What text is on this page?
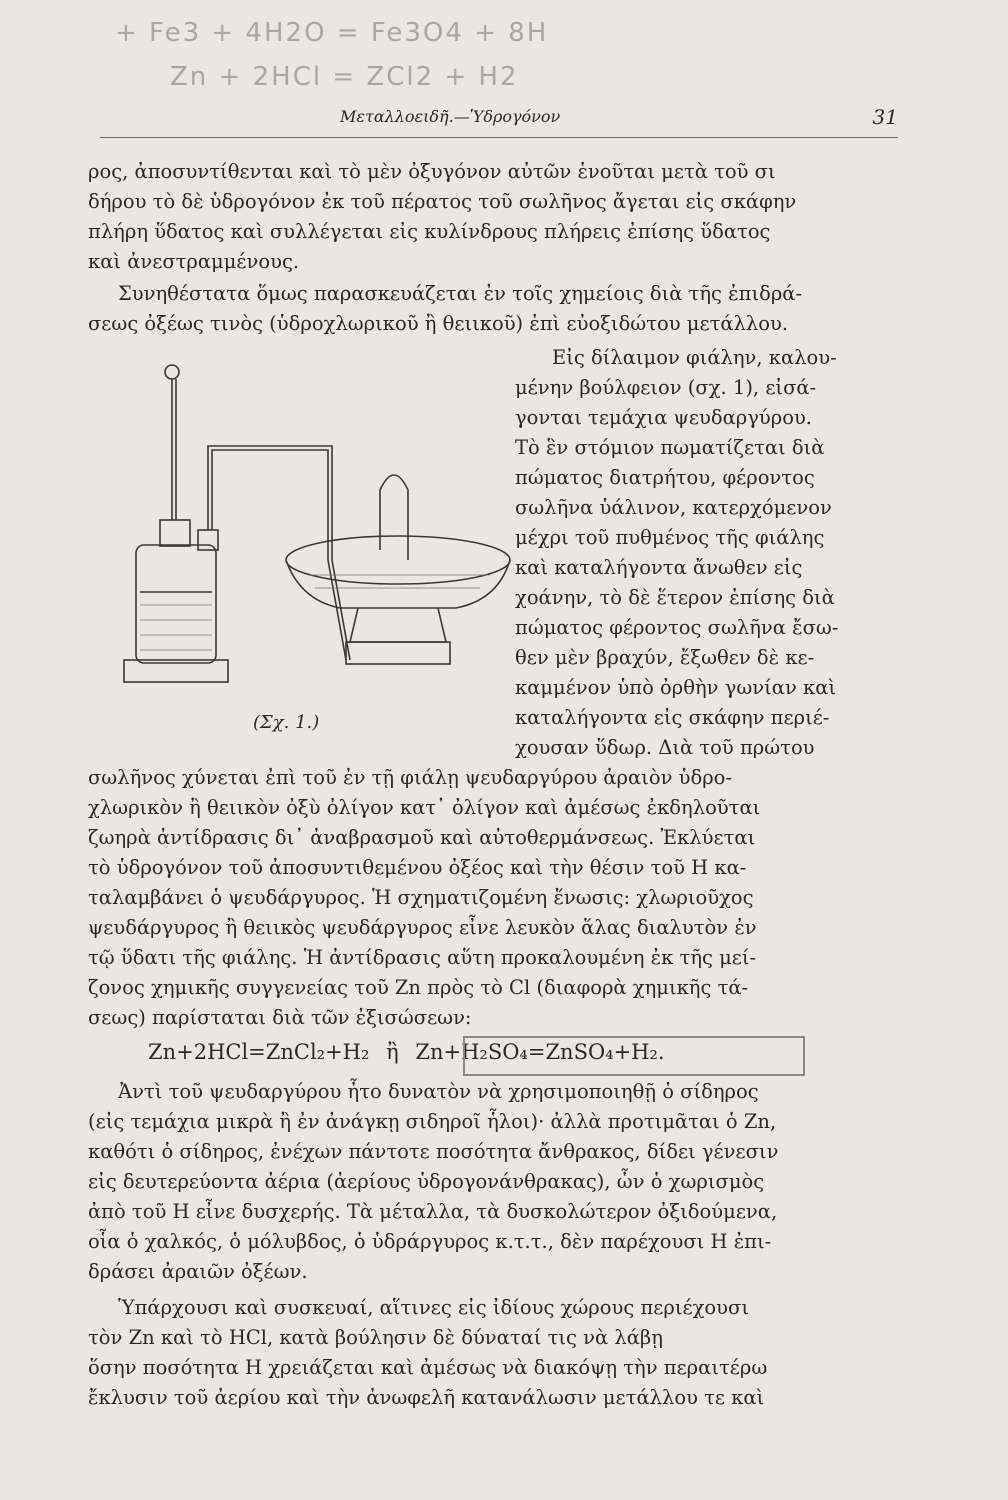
+ Fe3 + 4H2O = Fe3O4 + 8H
Zn + 2HCl = ZCl2 + H2
Μεταλλοειδῆ.—Ὑδρογόνον	31
ρος, ἀποσυντίθενται καὶ τὸ μὲν ὀξυγόνον αὐτῶν ἑνοῦται μετὰ τοῦ σι
δήρου τὸ δὲ ὑδρογόνον ἐκ τοῦ πέρατος τοῦ σωλῆνος ἄγεται εἰς σκάφην
πλήρη ὕδατος καὶ συλλέγεται εἰς κυλίνδρους πλήρεις ἐπίσης ὕδατος
καὶ ἀνεστραμμένους.
Συνηθέστατα ὅμως παρασκευάζεται ἐν τοῖς χημείοις διὰ τῆς ἐπιδρά-
σεως ὀξέως τινὸς (ὑδροχλωρικοῦ ἢ θειικοῦ) ἐπὶ εὐοξιδώτου μετάλλου.
Εἰς δίλαιμον φιάλην, καλου-
μένην βούλφειον (σχ. 1), εἰσά-
γονται τεμάχια ψευδαργύρου.
Τὸ ἓν στόμιον πωματίζεται διὰ
πώματος διατρήτου, φέροντος
σωλῆνα ὑάλινον, κατερχόμενον
μέχρι τοῦ πυθμένος τῆς φιάλης
καὶ καταλήγοντα ἄνωθεν εἰς
χοάνην, τὸ δὲ ἕτερον ἐπίσης διὰ
πώματος φέροντος σωλῆνα ἔσω-
θεν μὲν βραχύν, ἔξωθεν δὲ κε-
καμμένον ὑπὸ ὀρθὴν γωνίαν καὶ
καταλήγοντα εἰς σκάφην περιέ-
χουσαν ὕδωρ. Διὰ τοῦ πρώτου
(Σχ. 1.)
σωλῆνος χύνεται ἐπὶ τοῦ ἐν τῇ φιάλῃ ψευδαργύρου ἀραιὸν ὑδρο-
χλωρικὸν ἢ θειικὸν ὀξὺ ὀλίγον κατ᾽ ὀλίγον καὶ ἀμέσως ἐκδηλοῦται
ζωηρὰ ἀντίδρασις δι᾽ ἀναβρασμοῦ καὶ αὐτοθερμάνσεως. Ἐκλύεται
τὸ ὑδρογόνον τοῦ ἀποσυντιθεμένου ὀξέος καὶ τὴν θέσιν τοῦ Η κα-
ταλαμβάνει ὁ ψευδάργυρος. Ἡ σχηματιζομένη ἕνωσις: χλωριοῦχος
ψευδάργυρος ἢ θειικὸς ψευδάργυρος εἶνε λευκὸν ἅλας διαλυτὸν ἐν
τῷ ὕδατι τῆς φιάλης. Ἡ ἀντίδρασις αὕτη προκαλουμένη ἐκ τῆς μεί-
ζονος χημικῆς συγγενείας τοῦ Zn πρὸς τὸ Cl (διαφορὰ χημικῆς τά-
σεως) παρίσταται διὰ τῶν ἐξισώσεων:
Zn+2HCl=ZnCl₂+H₂ ἢ Zn+H₂SO₄=ZnSO₄+H₂.
Ἀντὶ τοῦ ψευδαργύρου ἦτο δυνατὸν νὰ χρησιμοποιηθῇ ὁ σίδηρος
(εἰς τεμάχια μικρὰ ἢ ἐν ἀνάγκῃ σιδηροῖ ἧλοι)· ἀλλὰ προτιμᾶται ὁ Zn,
καθότι ὁ σίδηρος, ἐνέχων πάντοτε ποσότητα ἄνθρακος, δίδει γένεσιν
εἰς δευτερεύοντα ἀέρια (ἀερίους ὑδρογονάνθρακας), ὧν ὁ χωρισμὸς
ἀπὸ τοῦ Η εἶνε δυσχερής. Τὰ μέταλλα, τὰ δυσκολώτερον ὀξιδούμενα,
οἷα ὁ χαλκός, ὁ μόλυβδος, ὁ ὑδράργυρος κ.τ.τ., δὲν παρέχουσι Η ἐπι-
δράσει ἀραιῶν ὀξέων.
Ὑπάρχουσι καὶ συσκευαί, αἵτινες εἰς ἰδίους χώρους περιέχουσι
τὸν Zn καὶ τὸ HCl, κατὰ βούλησιν δὲ δύναταί τις νὰ λάβῃ
ὅσην ποσότητα Η χρειάζεται καὶ ἀμέσως νὰ διακόψῃ τὴν περαιτέρω
ἔκλυσιν τοῦ ἀερίου καὶ τὴν ἀνωφελῆ κατανάλωσιν μετάλλου τε καὶ
